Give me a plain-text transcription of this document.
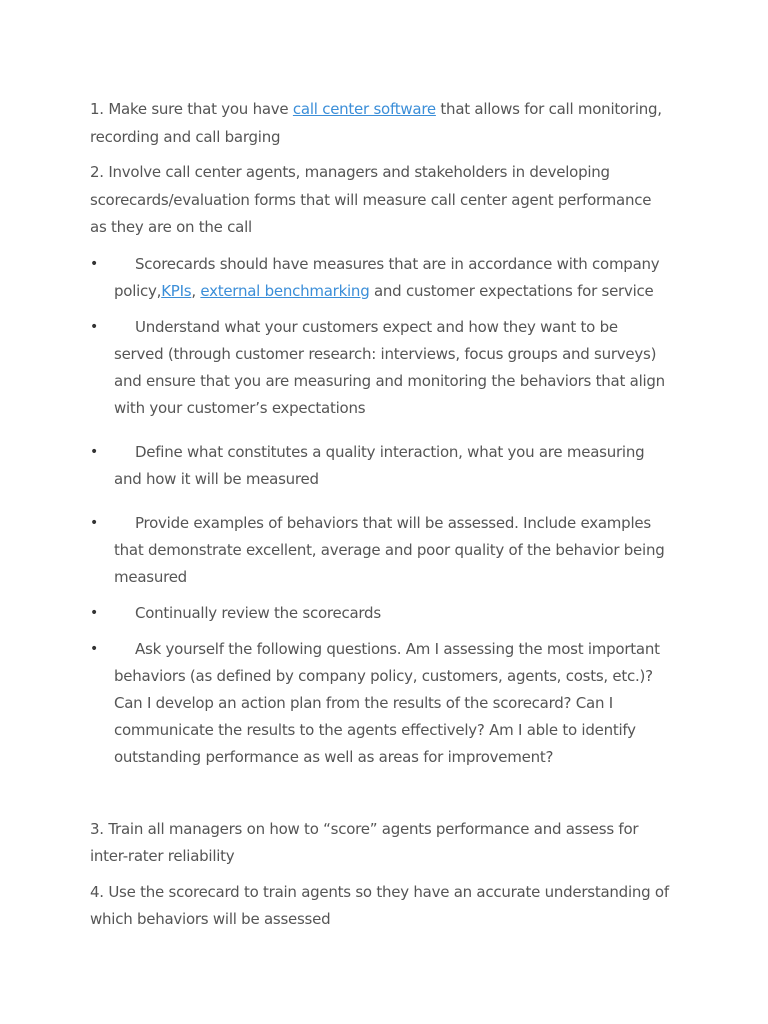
1. Make sure that you have call center software that allows for call monitoring, recording and call barging

2. Involve call center agents, managers and stakeholders in developing scorecards/evaluation forms that will measure call center agent performance as they are on the call

• Scorecards should have measures that are in accordance with company policy,KPIs, external benchmarking and customer expectations for service
• Understand what your customers expect and how they want to be served (through customer research: interviews, focus groups and surveys) and ensure that you are measuring and monitoring the behaviors that align with your customer’s expectations
• Define what constitutes a quality interaction, what you are measuring and how it will be measured
• Provide examples of behaviors that will be assessed. Include examples that demonstrate excellent, average and poor quality of the behavior being measured
• Continually review the scorecards
• Ask yourself the following questions. Am I assessing the most important behaviors (as defined by company policy, customers, agents, costs, etc.)? Can I develop an action plan from the results of the scorecard? Can I communicate the results to the agents effectively? Am I able to identify outstanding performance as well as areas for improvement?

3. Train all managers on how to “score” agents performance and assess for inter-rater reliability

4. Use the scorecard to train agents so they have an accurate understanding of which behaviors will be assessed
